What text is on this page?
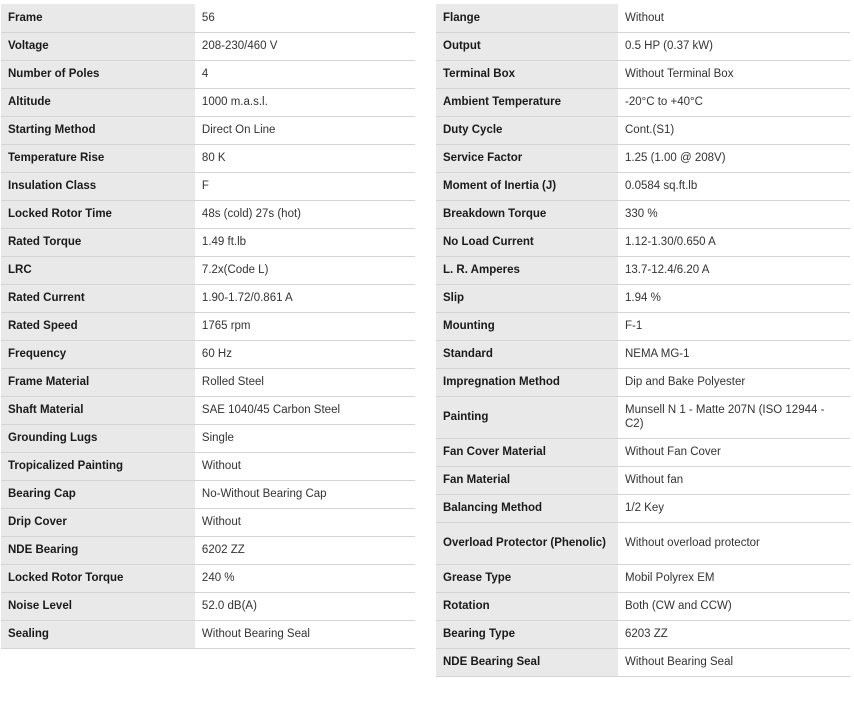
Frame	56
Voltage	208-230/460 V
Number of Poles	4
Altitude	1000 m.a.s.l.
Starting Method	Direct On Line
Temperature Rise	80 K
Insulation Class	F
Locked Rotor Time	48s (cold) 27s (hot)
Rated Torque	1.49 ft.lb
LRC	7.2x(Code L)
Rated Current	1.90-1.72/0.861 A
Rated Speed	1765 rpm
Frequency	60 Hz
Frame Material	Rolled Steel
Shaft Material	SAE 1040/45 Carbon Steel
Grounding Lugs	Single
Tropicalized Painting	Without
Bearing Cap	No-Without Bearing Cap
Drip Cover	Without
NDE Bearing	6202 ZZ
Locked Rotor Torque	240 %
Noise Level	52.0 dB(A)
Sealing	Without Bearing Seal
Flange	Without
Output	0.5 HP (0.37 kW)
Terminal Box	Without Terminal Box
Ambient Temperature	-20°C to +40°C
Duty Cycle	Cont.(S1)
Service Factor	1.25 (1.00 @ 208V)
Moment of Inertia (J)	0.0584 sq.ft.lb
Breakdown Torque	330 %
No Load Current	1.12-1.30/0.650 A
L. R. Amperes	13.7-12.4/6.20 A
Slip	1.94 %
Mounting	F-1
Standard	NEMA MG-1
Impregnation Method	Dip and Bake Polyester
Painting	Munsell N 1 - Matte 207N (ISO 12944 - C2)
Fan Cover Material	Without Fan Cover
Fan Material	Without fan
Balancing Method	1/2 Key
Overload Protector (Phenolic)	Without overload protector
Grease Type	Mobil Polyrex EM
Rotation	Both (CW and CCW)
Bearing Type	6203 ZZ
NDE Bearing Seal	Without Bearing Seal
